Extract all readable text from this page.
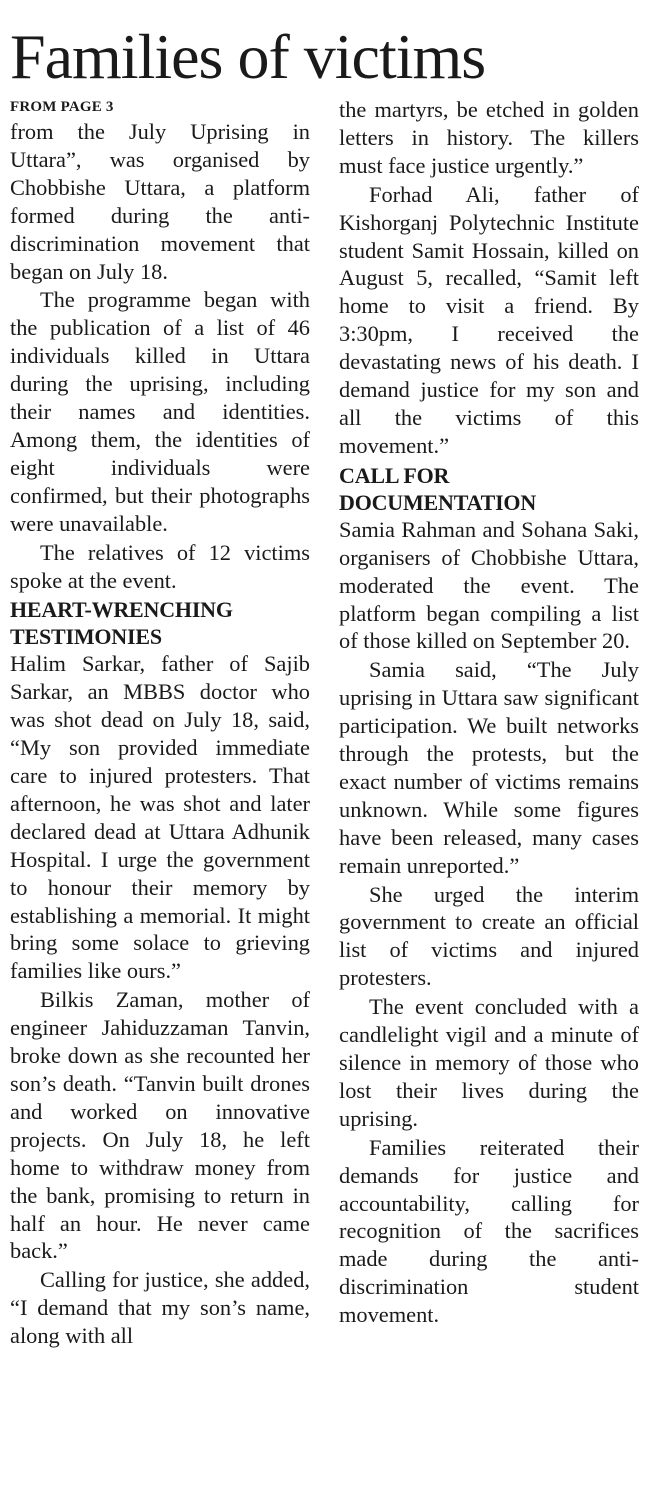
Families of victims
FROM PAGE 3

from the July Uprising in Uttara”, was organised by Chobbishe Uttara, a platform formed during the anti-discrimination movement that began on July 18.

The programme began with the publication of a list of 46 individuals killed in Uttara during the uprising, including their names and identities. Among them, the identities of eight individuals were confirmed, but their photographs were unavailable.

The relatives of 12 victims spoke at the event.

HEART-WRENCHING TESTIMONIES

Halim Sarkar, father of Sajib Sarkar, an MBBS doctor who was shot dead on July 18, said, “My son provided immediate care to injured protesters. That afternoon, he was shot and later declared dead at Uttara Adhunik Hospital. I urge the government to honour their memory by establishing a memorial. It might bring some solace to grieving families like ours.”

Bilkis Zaman, mother of engineer Jahiduzzaman Tanvin, broke down as she recounted her son’s death. “Tanvin built drones and worked on innovative projects. On July 18, he left home to withdraw money from the bank, promising to return in half an hour. He never came back.”

Calling for justice, she added, “I demand that my son’s name, along with all

the martyrs, be etched in golden letters in history. The killers must face justice urgently.”

Forhad Ali, father of Kishorganj Polytechnic Institute student Samit Hossain, killed on August 5, recalled, “Samit left home to visit a friend. By 3:30pm, I received the devastating news of his death. I demand justice for my son and all the victims of this movement.”

CALL FOR DOCUMENTATION

Samia Rahman and Sohana Saki, organisers of Chobbishe Uttara, moderated the event. The platform began compiling a list of those killed on September 20.

Samia said, “The July uprising in Uttara saw significant participation. We built networks through the protests, but the exact number of victims remains unknown. While some figures have been released, many cases remain unreported.”

She urged the interim government to create an official list of victims and injured protesters.

The event concluded with a candlelight vigil and a minute of silence in memory of those who lost their lives during the uprising.

Families reiterated their demands for justice and accountability, calling for recognition of the sacrifices made during the anti-discrimination student movement.
